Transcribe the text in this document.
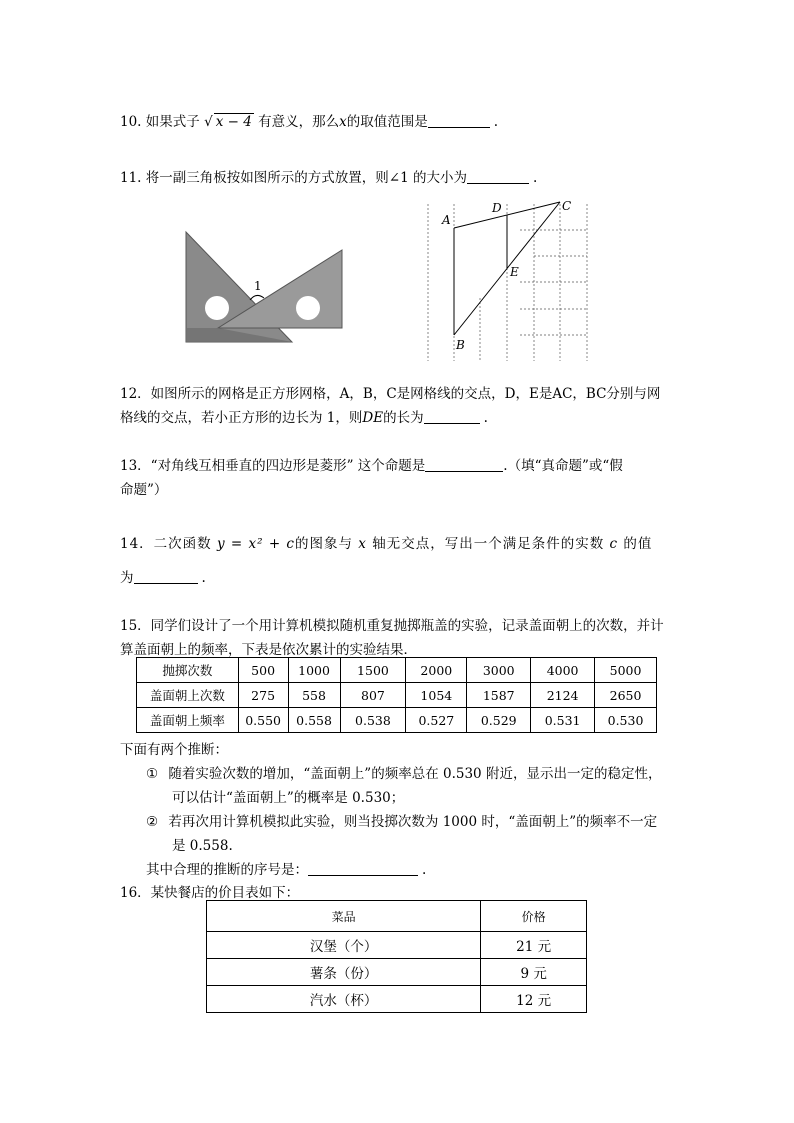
10. 如果式子 √ x − 4 有意义，那么x的取值范围是	.
11. 将一副三角板按如图所示的方式放置，则∠1 的大小为	.
1
A
D	C
E
B
12．如图所示的网格是正方形网格，A，B，C是网格线的交点，D，E是AC，BC分别与网
格线的交点，若小正方形的边长为 1，则DE的长为	.
13．“对角线互相垂直的四边形是菱形” 这个命题是	.（填“真命题”或“假
命题”）
14．二次函数 y = x² + c的图象与 x 轴无交点，写出一个满足条件的实数 c 的值
为	.
15．同学们设计了一个用计算机模拟随机重复抛掷瓶盖的实验，记录盖面朝上的次数，并计
算盖面朝上的频率，下表是依次累计的实验结果．
抛掷次数	500	1000	1500	2000	3000	4000	5000
盖面朝上次数	275	558	807	1054	1587	2124	2650
盖面朝上频率	0.550	0.558	0.538	0.527	0.529	0.531	0.530
下面有两个推断：
① 随着实验次数的增加，“盖面朝上”的频率总在 0.530 附近，显示出一定的稳定性，
可以估计“盖面朝上”的概率是 0.530；
② 若再次用计算机模拟此实验，则当投掷次数为 1000 时，“盖面朝上”的频率不一定
是 0.558.
其中合理的推断的序号是：	.
16．某快餐店的价目表如下：
菜品	价格
汉堡（个）	21 元
薯条（份）	9 元
汽水（杯）	12 元
